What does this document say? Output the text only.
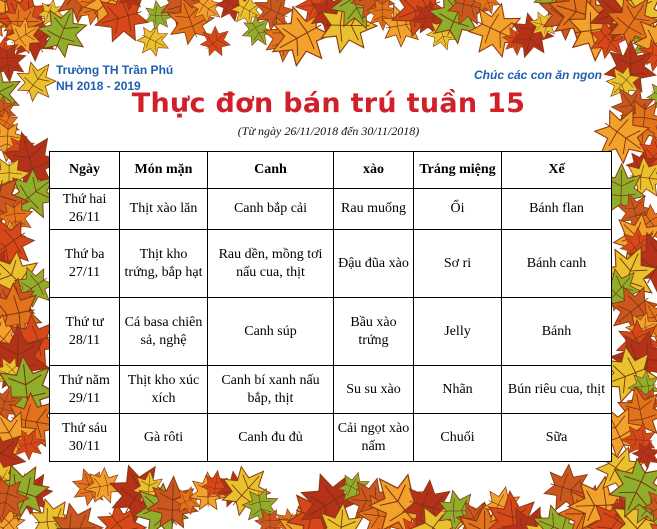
Trường TH Trần Phú
NH 2018 - 2019
Chúc các con ăn ngon
Thực đơn bán trú tuần 15
(Từ ngày 26/11/2018 đến 30/11/2018)
Ngày	Món mặn	Canh	xào	Tráng miệng	Xế
Thứ hai
26/11	Thịt xào lăn	Canh bắp cải	Rau muống	Ổi	Bánh flan
Thứ ba
27/11	Thịt kho trứng, bắp hạt	Rau dền, mồng tơi nấu cua, thịt	Đậu đũa xào	Sơ ri	Bánh canh
Thứ tư
28/11	Cá basa chiên sả, nghệ	Canh súp	Bầu xào trứng	Jelly	Bánh
Thứ năm
29/11	Thịt kho xúc xích	Canh bí xanh nấu bắp, thịt	Su su xào	Nhãn	Bún riêu cua, thịt
Thứ sáu
30/11	Gà rôti	Canh đu đủ	Cải ngọt xào nấm	Chuối	Sữa
